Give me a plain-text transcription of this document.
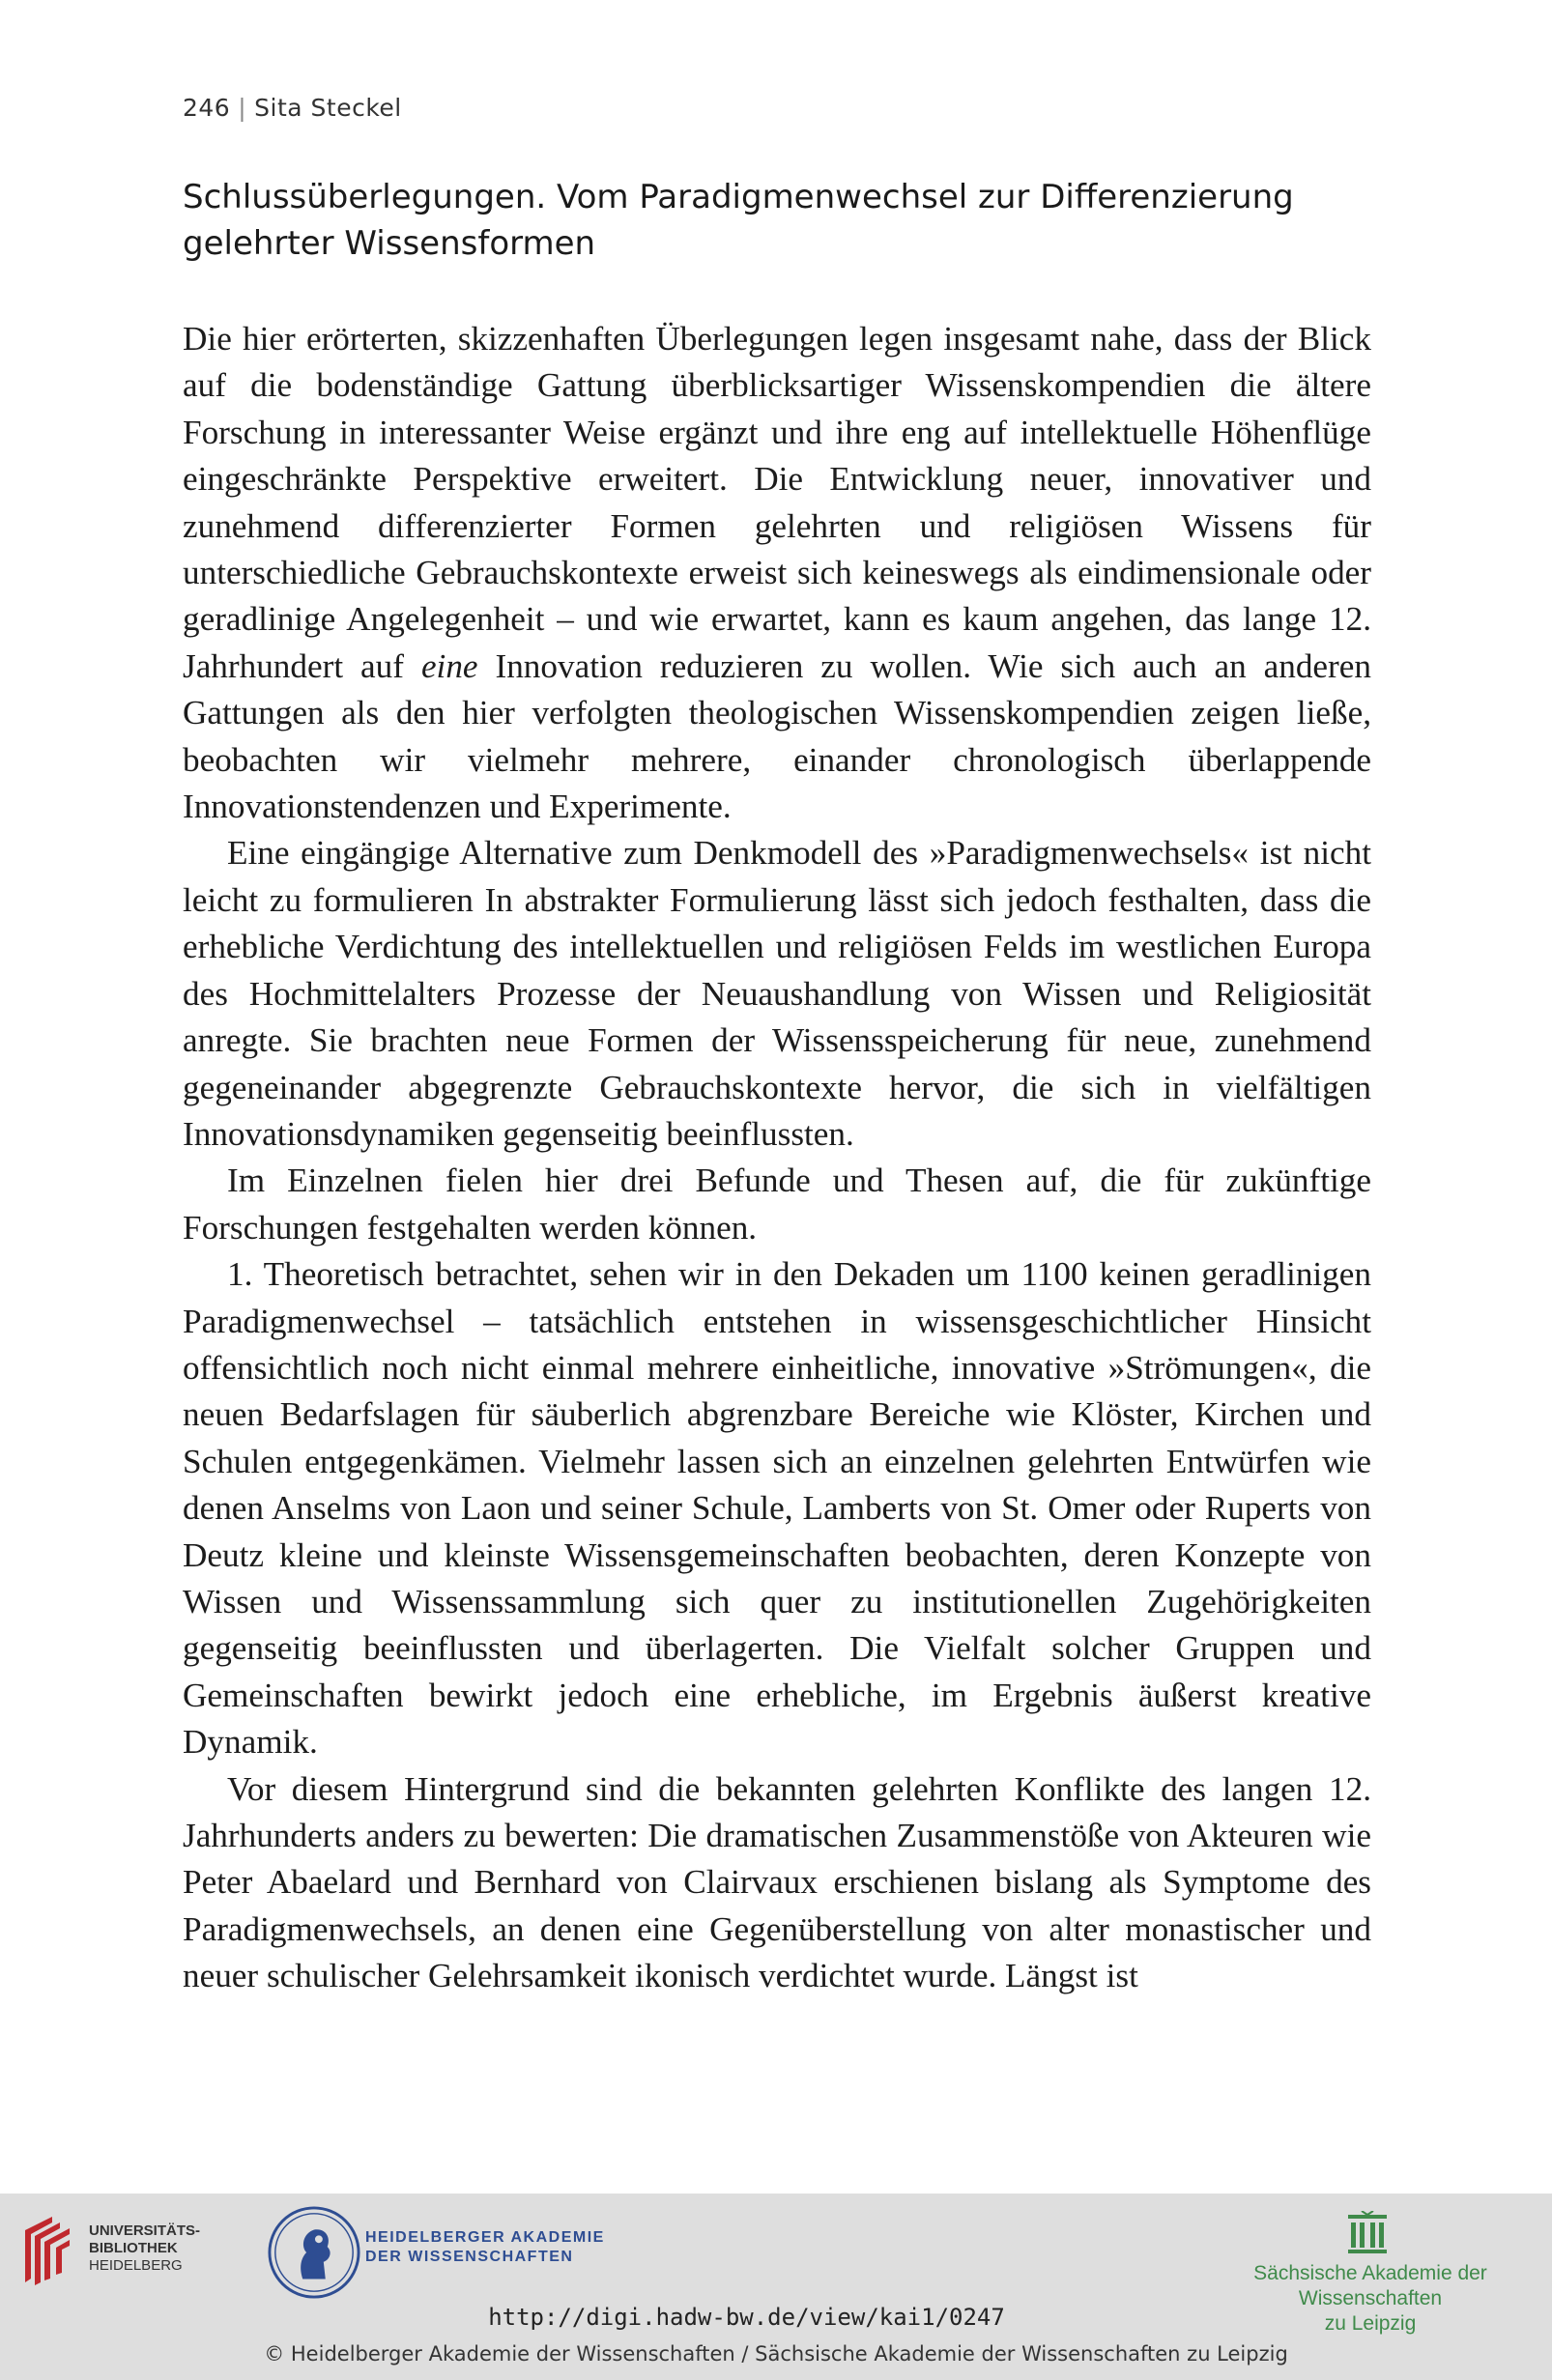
246 | Sita Steckel
Schlussüberlegungen. Vom Paradigmenwechsel zur Differenzierung
gelehrter Wissensformen

Die hier erörterten, skizzenhaften Überlegungen legen insgesamt nahe, dass der Blick auf die bodenständige Gattung überblicksartiger Wissenskompendien die ältere Forschung in interessanter Weise ergänzt und ihre eng auf intellektuelle Höhenflüge eingeschränkte Perspektive erweitert. Die Entwicklung neuer, innovativer und zunehmend differenzierter Formen gelehrten und religiösen Wissens für unterschiedliche Gebrauchskontexte erweist sich keineswegs als eindimensionale oder geradlinige Angelegenheit – und wie erwartet, kann es kaum angehen, das lange 12. Jahrhundert auf eine Innovation reduzieren zu wollen. Wie sich auch an anderen Gattungen als den hier verfolgten theologischen Wissenskompendien zeigen ließe, beobachten wir vielmehr mehrere, einander chronologisch überlappende Innovationstendenzen und Experimente.

Eine eingängige Alternative zum Denkmodell des »Paradigmenwechsels« ist nicht leicht zu formulieren In abstrakter Formulierung lässt sich jedoch festhalten, dass die erhebliche Verdichtung des intellektuellen und religiösen Felds im westlichen Europa des Hochmittelalters Prozesse der Neuaushandlung von Wissen und Religiosität anregte. Sie brachten neue Formen der Wissensspeicherung für neue, zunehmend gegeneinander abgegrenzte Gebrauchskontexte hervor, die sich in vielfältigen Innovationsdynamiken gegenseitig beeinflussten.

Im Einzelnen fielen hier drei Befunde und Thesen auf, die für zukünftige Forschungen festgehalten werden können.

1. Theoretisch betrachtet, sehen wir in den Dekaden um 1100 keinen geradlinigen Paradigmenwechsel – tatsächlich entstehen in wissensgeschichtlicher Hinsicht offensichtlich noch nicht einmal mehrere einheitliche, innovative »Strömungen«, die neuen Bedarfslagen für säuberlich abgrenzbare Bereiche wie Klöster, Kirchen und Schulen entgegenkämen. Vielmehr lassen sich an einzelnen gelehrten Entwürfen wie denen Anselms von Laon und seiner Schule, Lamberts von St. Omer oder Ruperts von Deutz kleine und kleinste Wissensgemeinschaften beobachten, deren Konzepte von Wissen und Wissenssammlung sich quer zu institutionellen Zugehörigkeiten gegenseitig beeinflussten und überlagerten. Die Vielfalt solcher Gruppen und Gemeinschaften bewirkt jedoch eine erhebliche, im Ergebnis äußerst kreative Dynamik.

Vor diesem Hintergrund sind die bekannten gelehrten Konflikte des langen 12. Jahrhunderts anders zu bewerten: Die dramatischen Zusammenstöße von Akteuren wie Peter Abaelard und Bernhard von Clairvaux erschienen bislang als Symptome des Paradigmenwechsels, an denen eine Gegenüberstellung von alter monastischer und neuer schulischer Gelehrsamkeit ikonisch verdichtet wurde. Längst ist

UNIVERSITÄTS-
BIBLIOTHEK
HEIDELBERG
HEIDELBERGER AKADEMIE
DER WISSENSCHAFTEN
Sächsische Akademie der Wissenschaften
zu Leipzig
http://digi.hadw-bw.de/view/kai1/0247
© Heidelberger Akademie der Wissenschaften / Sächsische Akademie der Wissenschaften zu Leipzig
